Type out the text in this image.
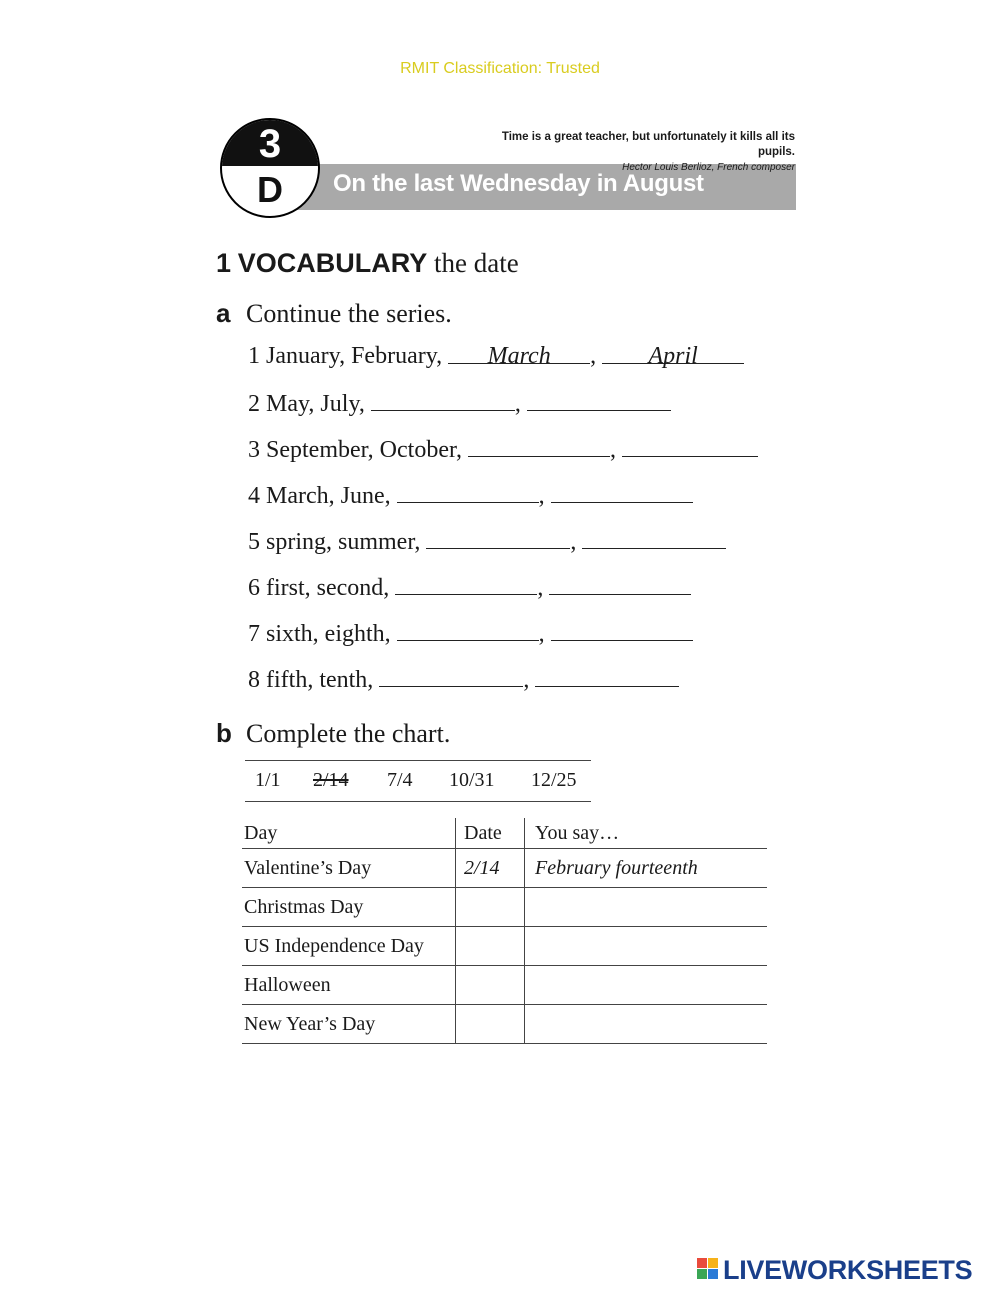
RMIT Classification: Trusted
On the last Wednesday in August
3
D
Time is a great teacher, but unfortunately it kills all its pupils.
Hector Louis Berlioz, French composer
1 VOCABULARY the date
a Continue the series.
1 January, February, March , April
2 May, July,	,
3 September, October,	,
4 March, June,	,
5 spring, summer,	,
6 first, second,	,
7 sixth, eighth,	,
8 fifth, tenth,	,
b Complete the chart.
1/1 2/14 7/4 10/31 12/25
Day	Date	You say…
Valentine’s Day	2/14	February fourteenth
Christmas Day		
US Independence Day		
Halloween		
New Year’s Day		
LIVEWORKSHEETS
